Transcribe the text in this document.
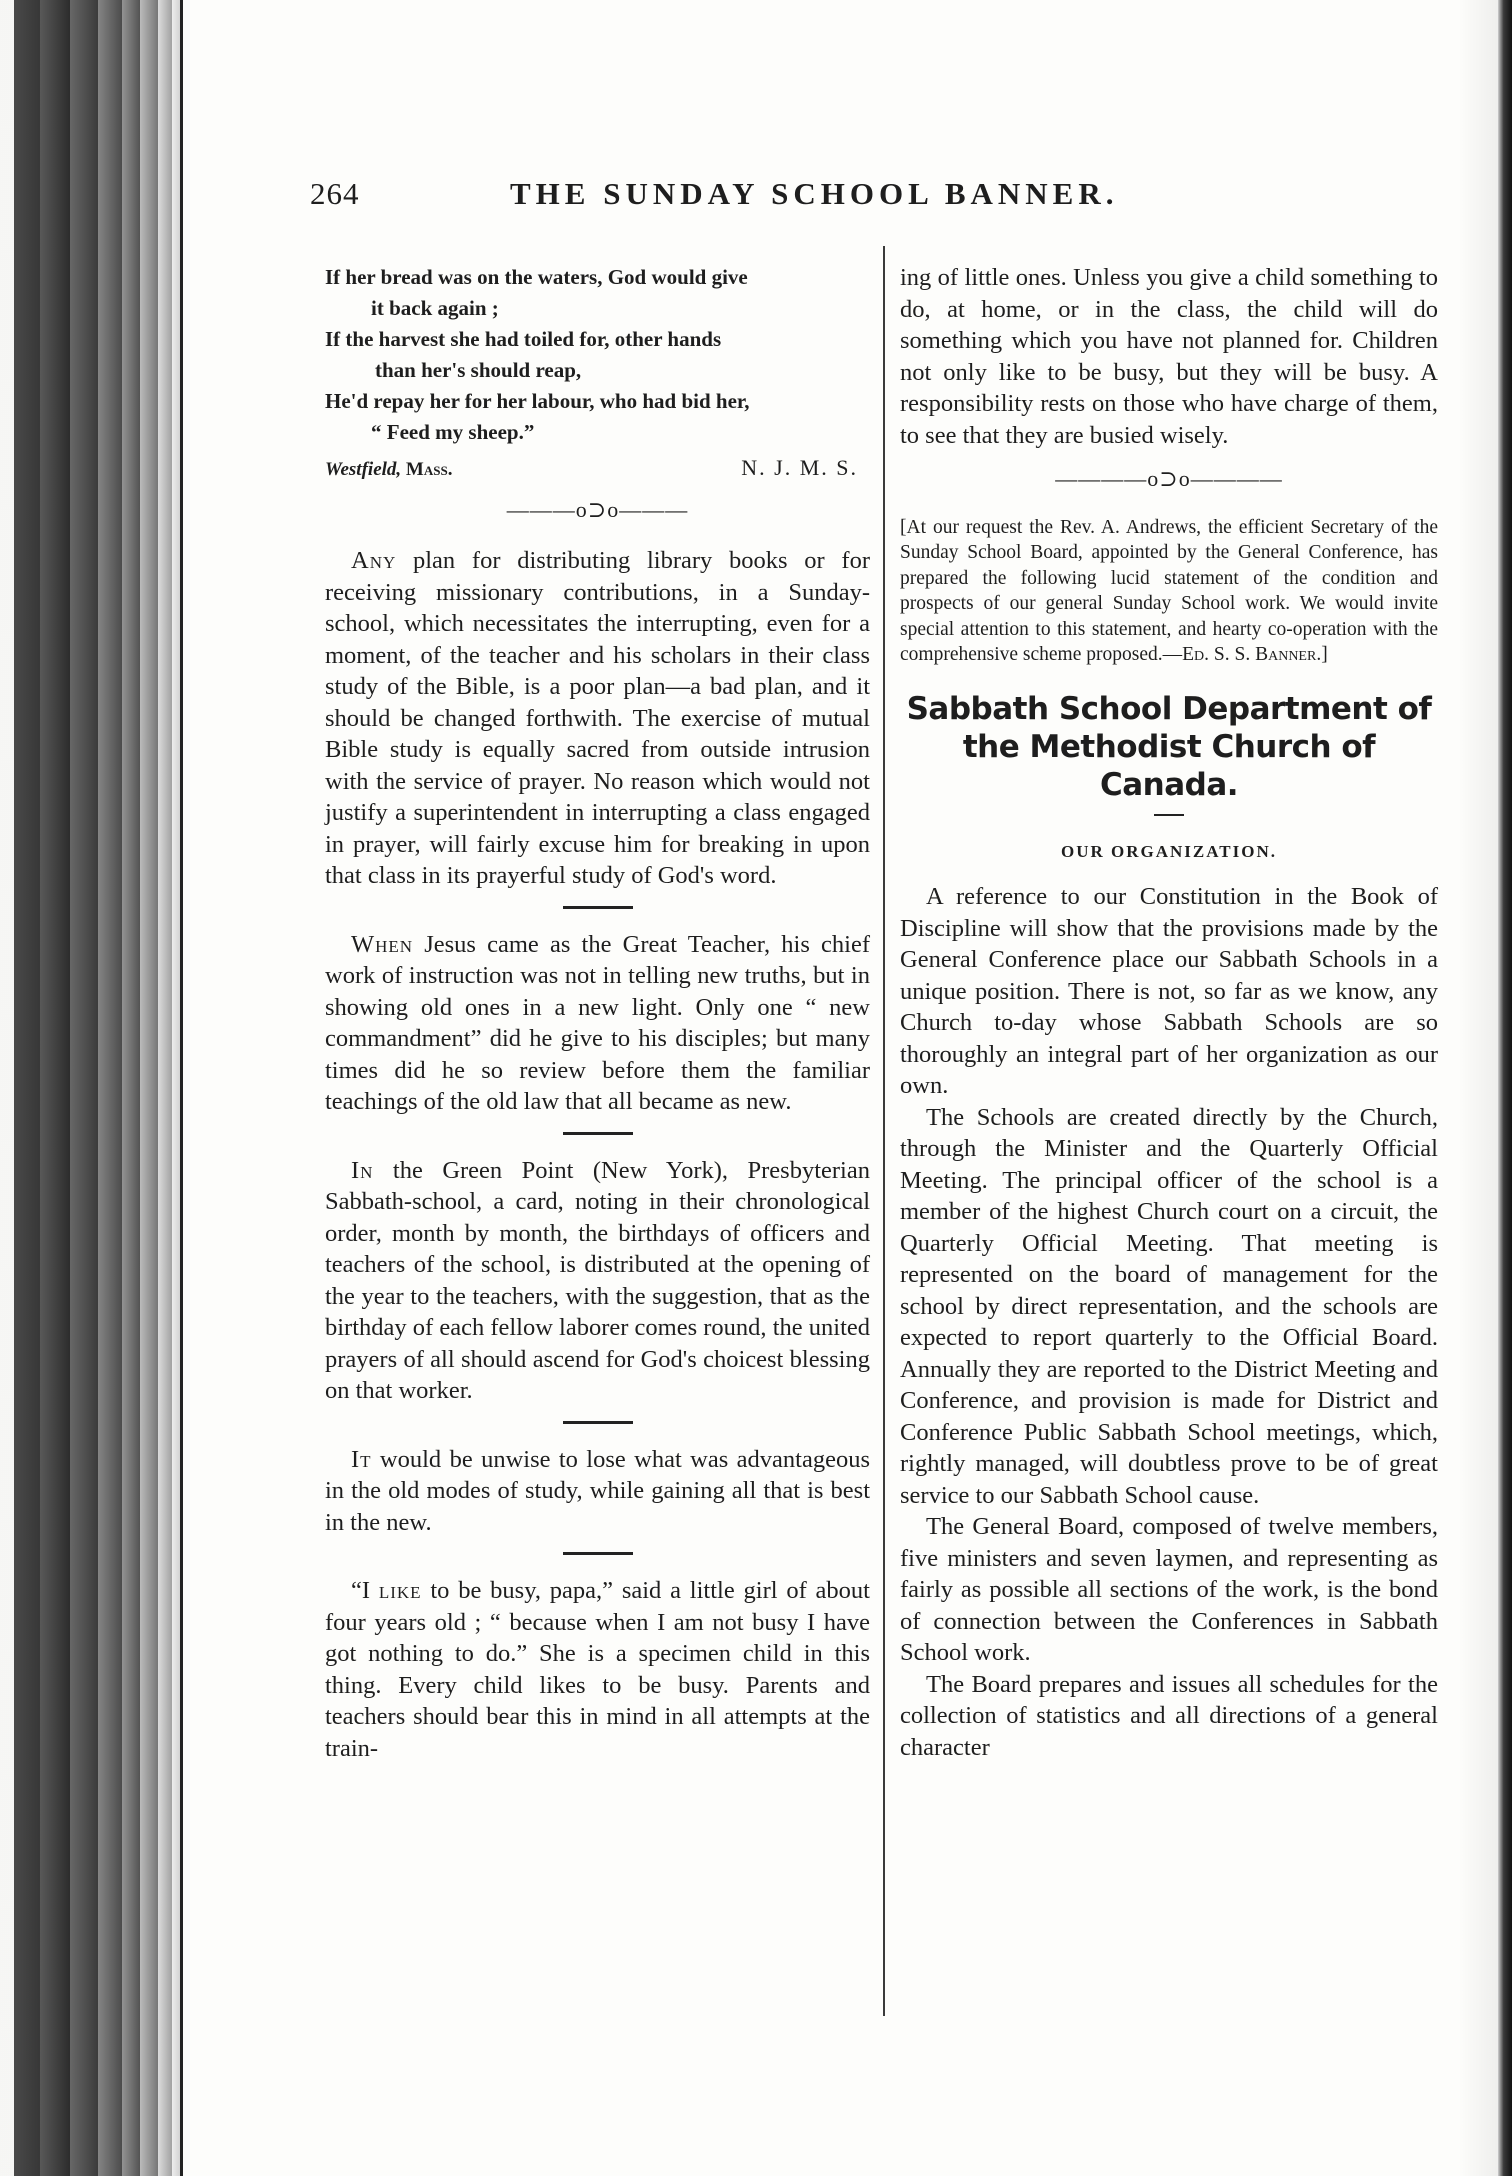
264	THE SUNDAY SCHOOL BANNER.
If her bread was on the waters, God would give
it back again ;
If the harvest she had toiled for, other hands
than her's should reap,
He'd repay her for her labour, who had bid her,
“ Feed my sheep.”
Westfield, Mass.	N. J. M. S.
———o⊃o———

Any plan for distributing library books or for receiving missionary contributions, in a Sunday-school, which necessitates the interrupting, even for a moment, of the teacher and his scholars in their class study of the Bible, is a poor plan—a bad plan, and it should be changed forthwith. The exercise of mutual Bible study is equally sacred from outside intrusion with the service of prayer. No reason which would not justify a superintendent in interrupting a class engaged in prayer, will fairly excuse him for breaking in upon that class in its prayerful study of God's word.

When Jesus came as the Great Teacher, his chief work of instruction was not in telling new truths, but in showing old ones in a new light. Only one “ new commandment” did he give to his disciples; but many times did he so review before them the familiar teachings of the old law that all became as new.

In the Green Point (New York), Presbyterian Sabbath-school, a card, noting in their chronological order, month by month, the birthdays of officers and teachers of the school, is distributed at the opening of the year to the teachers, with the suggestion, that as the birthday of each fellow laborer comes round, the united prayers of all should ascend for God's choicest blessing on that worker.

It would be unwise to lose what was advantageous in the old modes of study, while gaining all that is best in the new.

“I like to be busy, papa,” said a little girl of about four years old ; “ because when I am not busy I have got nothing to do.” She is a specimen child in this thing. Every child likes to be busy. Parents and teachers should bear this in mind in all attempts at the train-

ing of little ones. Unless you give a child something to do, at home, or in the class, the child will do something which you have not planned for. Children not only like to be busy, but they will be busy. A responsibility rests on those who have charge of them, to see that they are busied wisely.

————o⊃o————

[At our request the Rev. A. Andrews, the efficient Secretary of the Sunday School Board, appointed by the General Conference, has prepared the following lucid statement of the condition and prospects of our general Sunday School work. We would invite special attention to this statement, and hearty co-operation with the comprehensive scheme proposed.—Ed. S. S. Banner.]

Sabbath School Department of the Methodist Church of Canada.
OUR ORGANIZATION.

A reference to our Constitution in the Book of Discipline will show that the provisions made by the General Conference place our Sabbath Schools in a unique position. There is not, so far as we know, any Church to-day whose Sabbath Schools are so thoroughly an integral part of her organization as our own.

The Schools are created directly by the Church, through the Minister and the Quarterly Official Meeting. The principal officer of the school is a member of the highest Church court on a circuit, the Quarterly Official Meeting. That meeting is represented on the board of management for the school by direct representation, and the schools are expected to report quarterly to the Official Board. Annually they are reported to the District Meeting and Conference, and provision is made for District and Conference Public Sabbath School meetings, which, rightly managed, will doubtless prove to be of great service to our Sabbath School cause.

The General Board, composed of twelve members, five ministers and seven laymen, and representing as fairly as possible all sections of the work, is the bond of connection between the Conferences in Sabbath School work.

The Board prepares and issues all schedules for the collection of statistics and all directions of a general character
